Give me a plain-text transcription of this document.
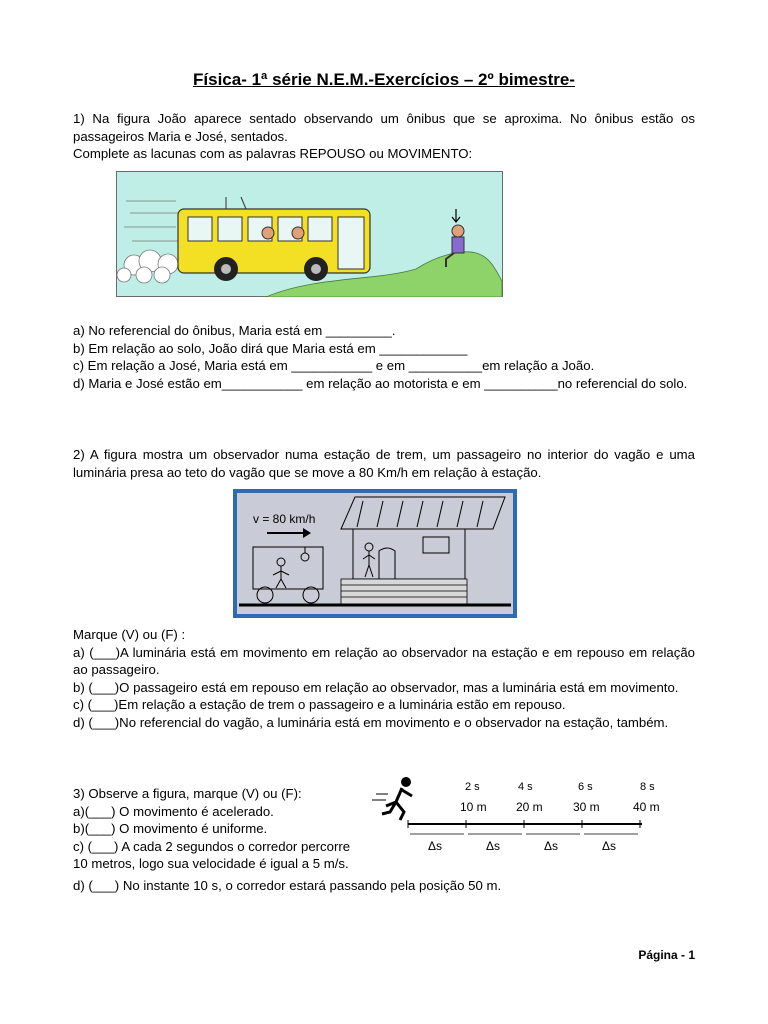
Física- 1ª série N.E.M.-Exercícios – 2º bimestre-
1) Na figura João aparece sentado observando um ônibus que se aproxima. No ônibus estão os passageiros Maria e José, sentados.
Complete as lacunas com as palavras REPOUSO ou MOVIMENTO:
a) No referencial do ônibus, Maria está em _________.
b) Em relação ao solo, João dirá que Maria está em ____________
c) Em relação a José, Maria está em ___________ e em __________em relação a João.
d) Maria e José estão em___________ em relação ao motorista e em __________no referencial do solo.
2) A figura mostra um observador numa estação de trem, um passageiro no interior do vagão e uma luminária presa ao teto do vagão que se move a 80 Km/h em relação à estação.
v = 80 km/h
Marque (V) ou (F) :
a) (___)A luminária está em movimento em relação ao observador na estação e em repouso em relação ao passageiro.
b) (___)O passageiro está em repouso em relação ao observador, mas a luminária está em movimento.
c) (___)Em relação a estação de trem o passageiro e a luminária estão em repouso.
d) (___)No referencial do vagão, a luminária está em movimento e o observador na estação, também.
2 s	4 s	6 s	8 s
10 m 20 m	30 m	40 m
Δs	Δs	Δs	Δs
3) Observe a figura, marque (V) ou (F):
a)(___) O movimento é acelerado.
b)(___) O movimento é uniforme.
c) (___) A cada 2 segundos o corredor percorre
10 metros, logo sua velocidade é igual a 5 m/s.
d) (___) No instante 10 s, o corredor estará passando pela posição 50 m.
Página - 1
